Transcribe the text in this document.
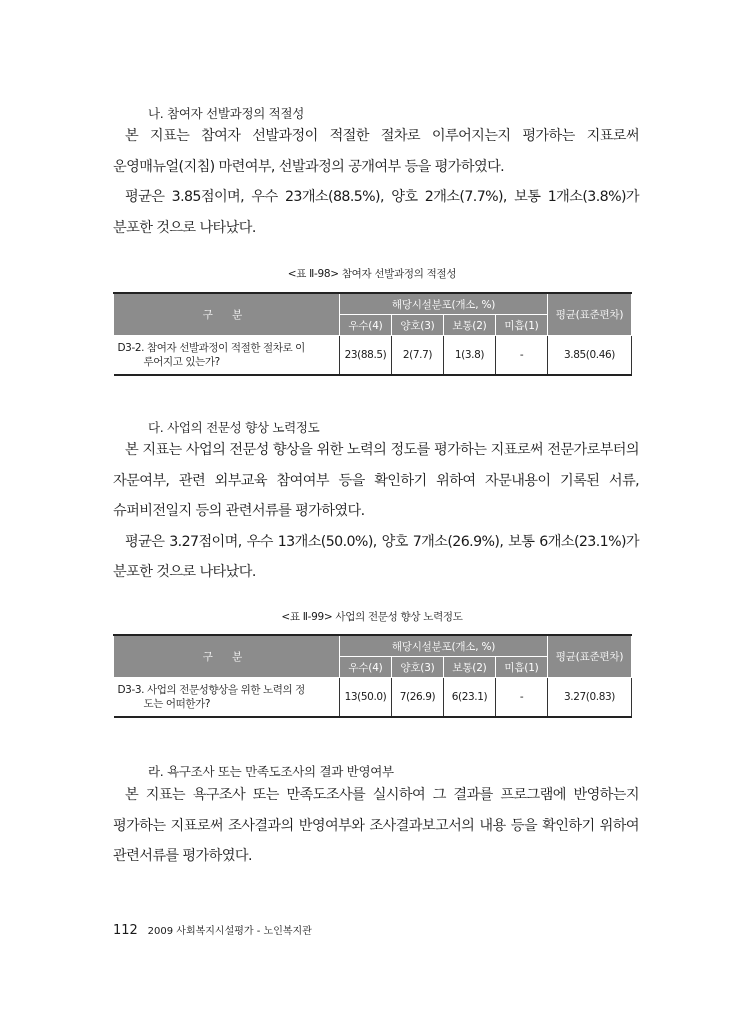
나. 참여자 선발과정의 적절성

본 지표는 참여자 선발과정이 적절한 절차로 이루어지는지 평가하는 지표로써 운영매뉴얼(지침) 마련여부, 선발과정의 공개여부 등을 평가하였다.

평균은 3.85점이며, 우수 23개소(88.5%), 양호 2개소(7.7%), 보통 1개소(3.8%)가 분포한 것으로 나타났다.

<표 Ⅱ-98> 참여자 선발과정의 적절성
구 분	해당시설분포(개소, %)				평균(표준편차)
	우수(4)	양호(3)	보통(2)	미흡(1)	
D3-2. 참여자 선발과정이 적절한 절차로 이
루어지고 있는가?	23(88.5)	2(7.7)	1(3.8)	-	3.85(0.46)
다. 사업의 전문성 향상 노력정도

본 지표는 사업의 전문성 향상을 위한 노력의 정도를 평가하는 지표로써 전문가로부터의 자문여부, 관련 외부교육 참여여부 등을 확인하기 위하여 자문내용이 기록된 서류, 슈퍼비전일지 등의 관련서류를 평가하였다.

평균은 3.27점이며, 우수 13개소(50.0%), 양호 7개소(26.9%), 보통 6개소(23.1%)가 분포한 것으로 나타났다.

<표 Ⅱ-99> 사업의 전문성 향상 노력정도
구 분	해당시설분포(개소, %)				평균(표준편차)
	우수(4)	양호(3)	보통(2)	미흡(1)	
D3-3. 사업의 전문성향상을 위한 노력의 정
도는 어떠한가?	13(50.0)	7(26.9)	6(23.1)	-	3.27(0.83)
라. 욕구조사 또는 만족도조사의 결과 반영여부

본 지표는 욕구조사 또는 만족도조사를 실시하여 그 결과를 프로그램에 반영하는지 평가하는 지표로써 조사결과의 반영여부와 조사결과보고서의 내용 등을 확인하기 위하여 관련서류를 평가하였다.

112 2009 사회복지시설평가 - 노인복지관
